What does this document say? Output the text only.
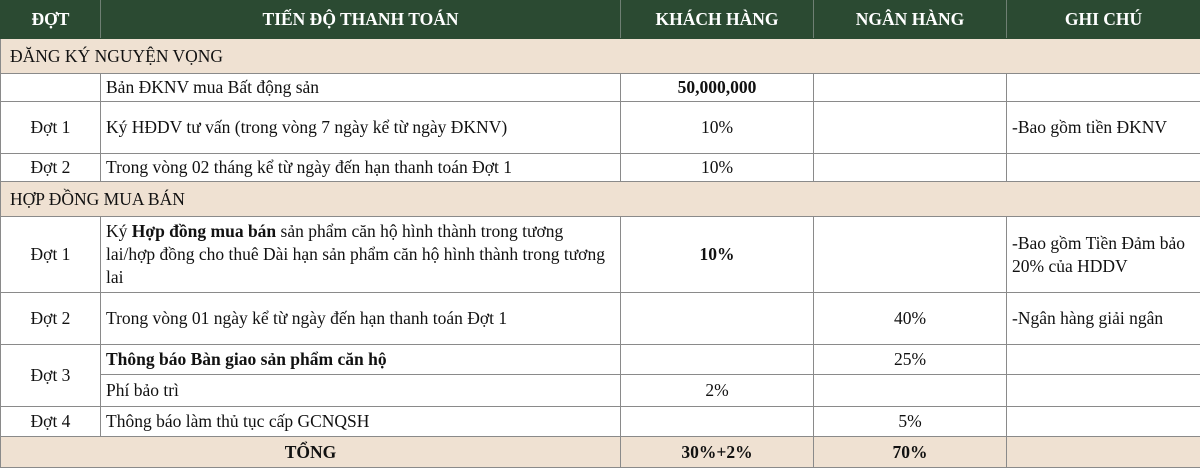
ĐỢT	TIẾN ĐỘ THANH TOÁN	KHÁCH HÀNG	NGÂN HÀNG	GHI CHÚ
ĐĂNG KÝ NGUYỆN VỌNG				
	Bản ĐKNV mua Bất động sản	50,000,000		
Đợt 1	Ký HĐDV tư vấn (trong vòng 7 ngày kể từ ngày ĐKNV)	10%		-Bao gồm tiền ĐKNV
Đợt 2	Trong vòng 02 tháng kể từ ngày đến hạn thanh toán Đợt 1	10%		
HỢP ĐỒNG MUA BÁN				
Đợt 1	Ký Hợp đồng mua bán sản phẩm căn hộ hình thành trong tương lai/hợp đồng cho thuê Dài hạn sản phẩm căn hộ hình thành trong tương lai	10%		-Bao gồm Tiền Đảm bảo 20% của HDDV
Đợt 2	Trong vòng 01 ngày kể từ ngày đến hạn thanh toán Đợt 1		40%	-Ngân hàng giải ngân
Đợt 3	Thông báo Bàn giao sản phẩm căn hộ		25%	
	Phí bảo trì	2%		
Đợt 4	Thông báo làm thủ tục cấp GCNQSH		5%	
TỔNG		30%+2%	70%	
